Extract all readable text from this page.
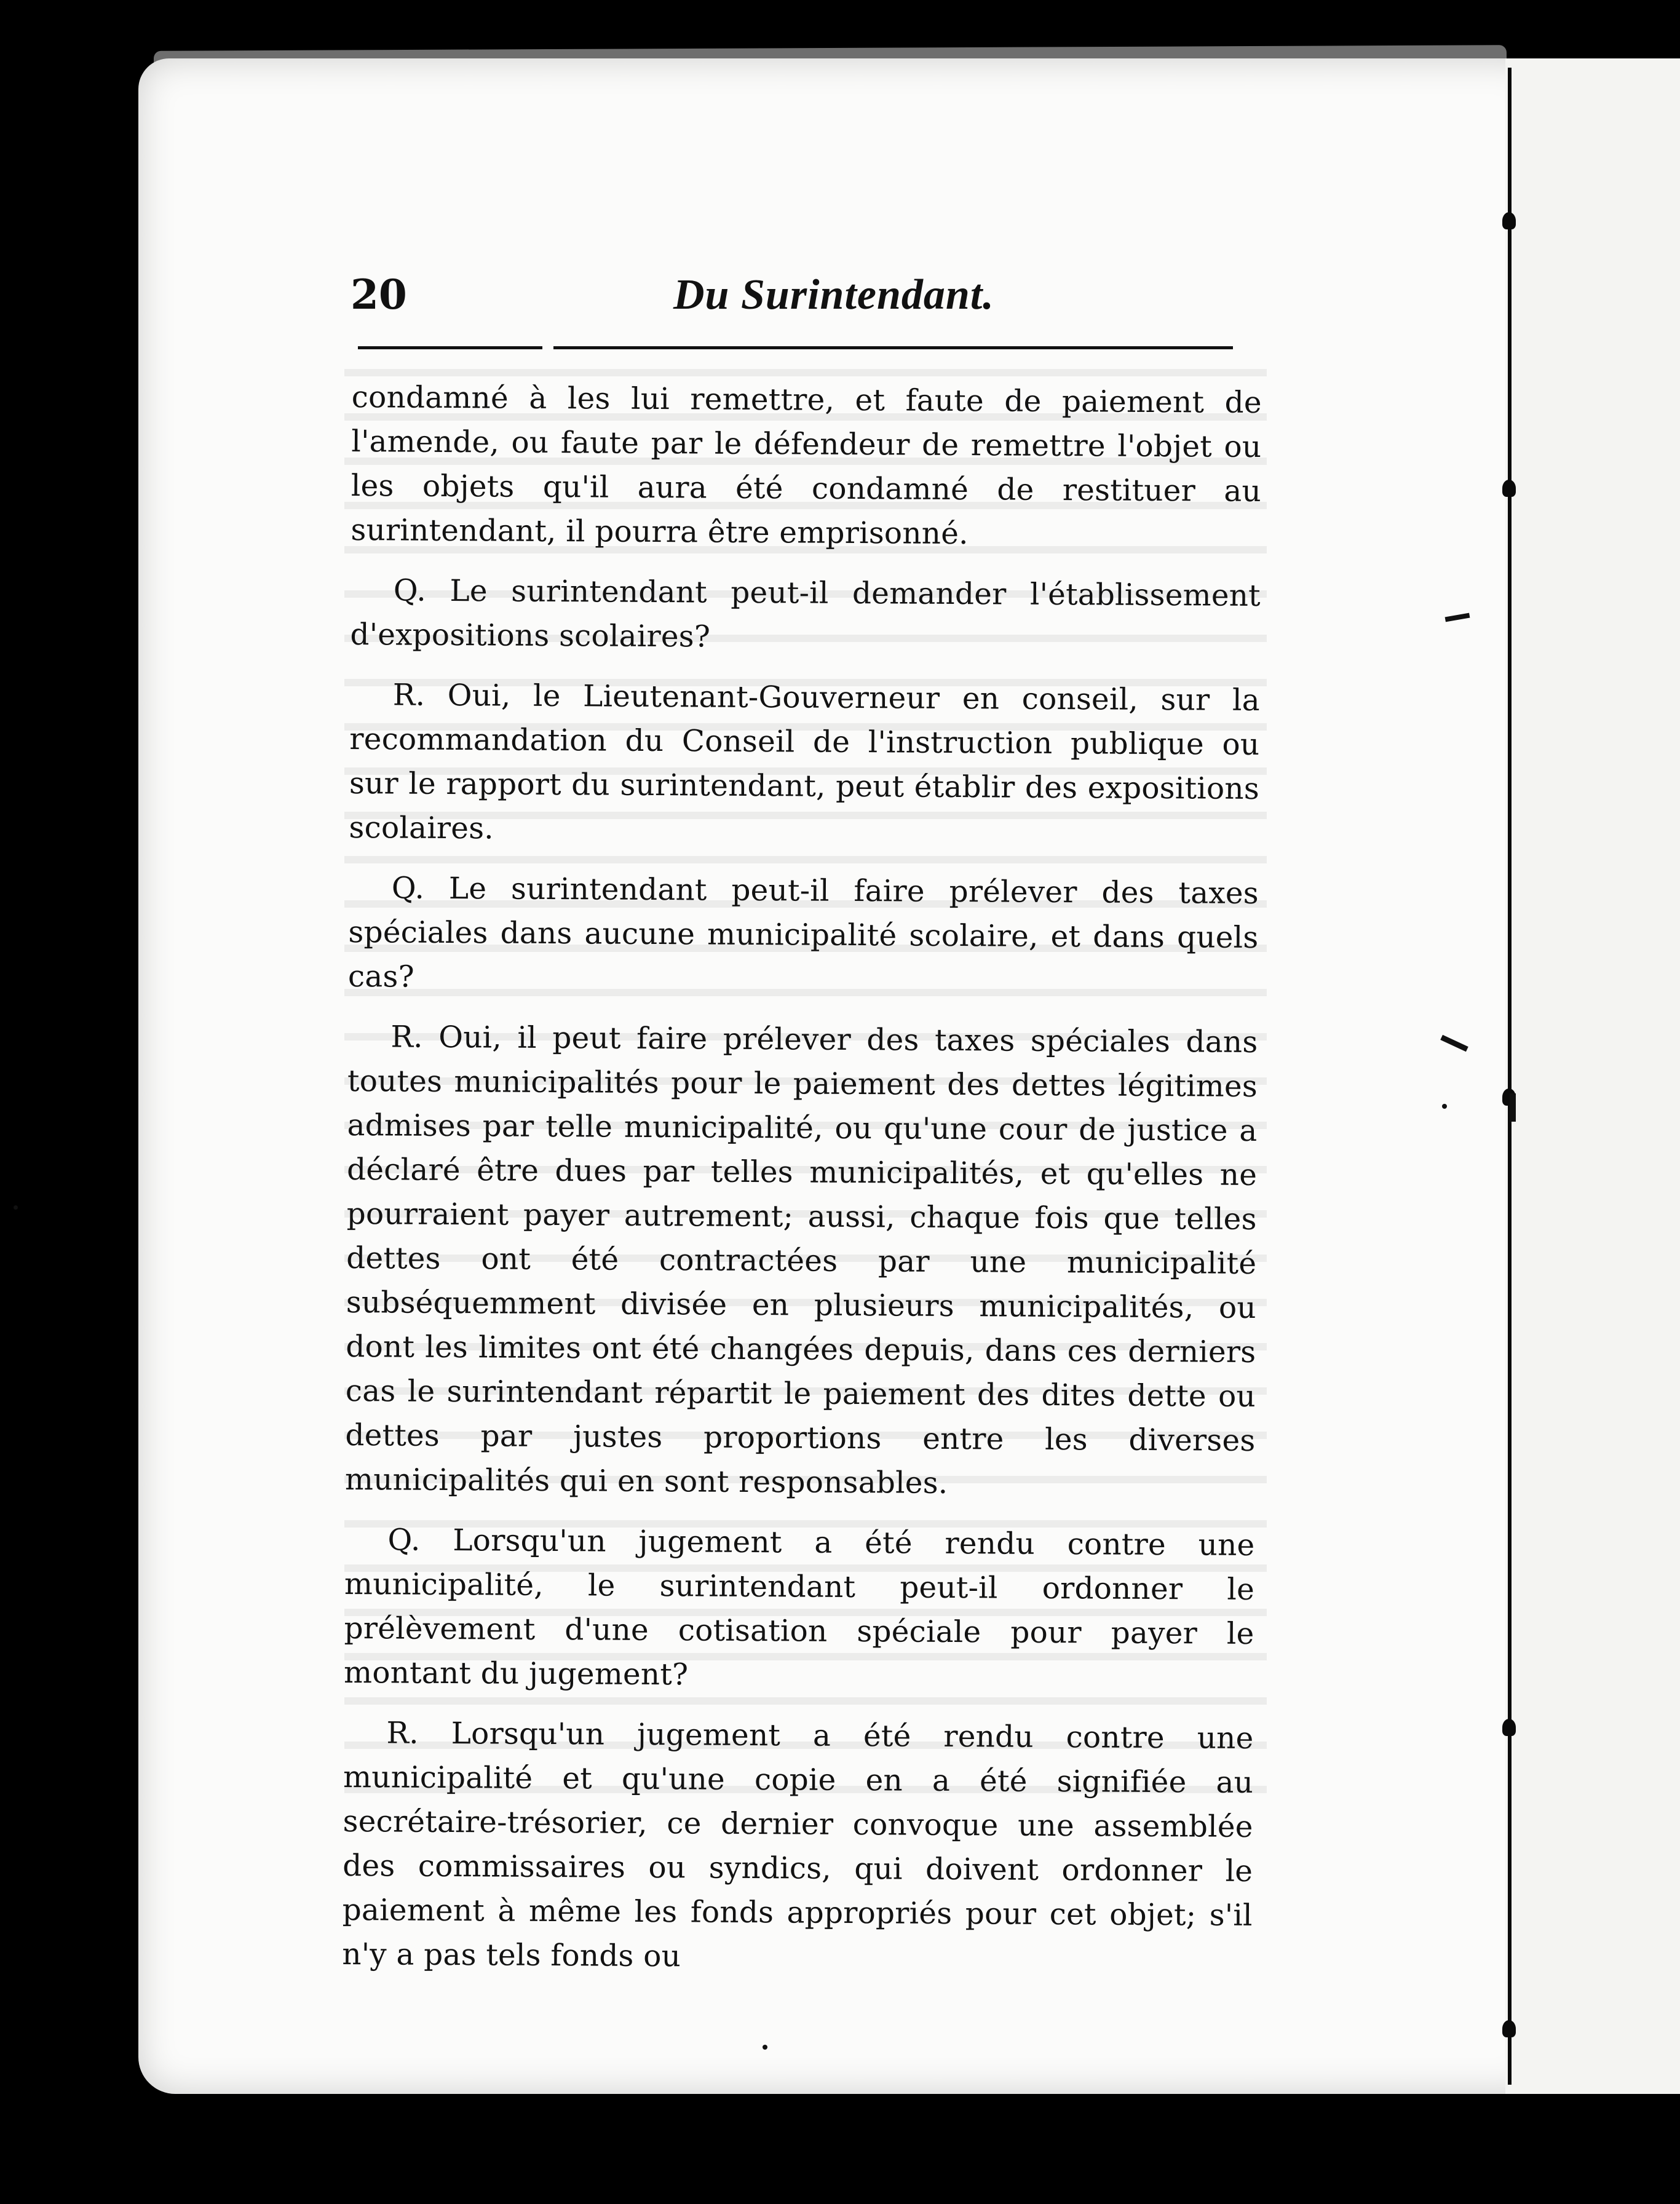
20	Du Surintendant.

condamné à les lui remettre, et faute de paiement de l'amende, ou faute par le défendeur de remettre l'objet ou les objets qu'il aura été condamné de restituer au surintendant, il pourra être emprisonné.

Q. Le surintendant peut-il demander l'établissement d'expositions scolaires?

R. Oui, le Lieutenant-Gouverneur en conseil, sur la recommandation du Conseil de l'instruction publique ou sur le rapport du surintendant, peut établir des expositions scolaires.

Q. Le surintendant peut-il faire prélever des taxes spéciales dans aucune municipalité scolaire, et dans quels cas?

R. Oui, il peut faire prélever des taxes spéciales dans toutes municipalités pour le paiement des dettes légitimes admises par telle municipalité, ou qu'une cour de justice a déclaré être dues par telles municipalités, et qu'elles ne pourraient payer autrement; aussi, chaque fois que telles dettes ont été contractées par une municipalité subséquemment divisée en plusieurs municipalités, ou dont les limites ont été changées depuis, dans ces derniers cas le surintendant répartit le paiement des dites dette ou dettes par justes proportions entre les diverses municipalités qui en sont responsables.

Q. Lorsqu'un jugement a été rendu contre une municipalité, le surintendant peut-il ordonner le prélèvement d'une cotisation spéciale pour payer le montant du jugement?

R. Lorsqu'un jugement a été rendu contre une municipalité et qu'une copie en a été signifiée au secrétaire-trésorier, ce dernier convoque une assemblée des commissaires ou syndics, qui doivent ordonner le paiement à même les fonds appropriés pour cet objet; s'il n'y a pas tels fonds ou
